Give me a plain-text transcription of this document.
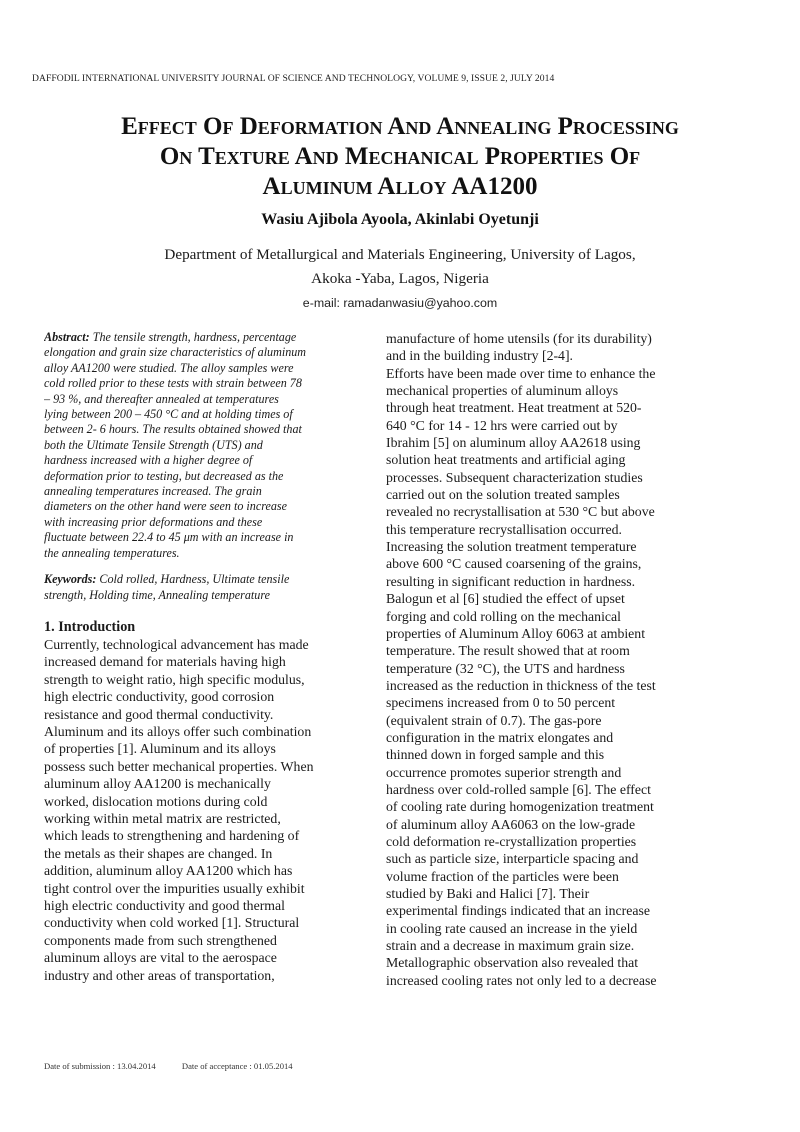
DAFFODIL INTERNATIONAL UNIVERSITY JOURNAL OF SCIENCE AND TECHNOLOGY, VOLUME 9, ISSUE 2, JULY 2014
Effect Of Deformation And Annealing Processing
On Texture And Mechanical Properties Of
Aluminum Alloy AA1200
Wasiu Ajibola Ayoola, Akinlabi Oyetunji
Department of Metallurgical and Materials Engineering, University of Lagos,
Akoka -Yaba, Lagos, Nigeria
e-mail: ramadanwasiu@yahoo.com
Abstract: The tensile strength, hardness, percentage
elongation and grain size characteristics of aluminum
alloy AA1200 were studied. The alloy samples were
cold rolled prior to these tests with strain between 78
– 93 %, and thereafter annealed at temperatures
lying between 200 – 450 °C and at holding times of
between 2- 6 hours. The results obtained showed that
both the Ultimate Tensile Strength (UTS) and
hardness increased with a higher degree of
deformation prior to testing, but decreased as the
annealing temperatures increased. The grain
diameters on the other hand were seen to increase
with increasing prior deformations and these
fluctuate between 22.4 to 45 μm with an increase in
the annealing temperatures.
Keywords: Cold rolled, Hardness, Ultimate tensile
strength, Holding time, Annealing temperature
1. Introduction
Currently, technological advancement has made
increased demand for materials having high
strength to weight ratio, high specific modulus,
high electric conductivity, good corrosion
resistance and good thermal conductivity.
Aluminum and its alloys offer such combination
of properties [1]. Aluminum and its alloys
possess such better mechanical properties. When
aluminum alloy AA1200 is mechanically
worked, dislocation motions during cold
working within metal matrix are restricted,
which leads to strengthening and hardening of
the metals as their shapes are changed. In
addition, aluminum alloy AA1200 which has
tight control over the impurities usually exhibit
high electric conductivity and good thermal
conductivity when cold worked [1]. Structural
components made from such strengthened
aluminum alloys are vital to the aerospace
industry and other areas of transportation,
manufacture of home utensils (for its durability)
and in the building industry [2-4].
Efforts have been made over time to enhance the
mechanical properties of aluminum alloys
through heat treatment. Heat treatment at 520-
640 °C for 14 - 12 hrs were carried out by
Ibrahim [5] on aluminum alloy AA2618 using
solution heat treatments and artificial aging
processes. Subsequent characterization studies
carried out on the solution treated samples
revealed no recrystallisation at 530 °C but above
this temperature recrystallisation occurred.
Increasing the solution treatment temperature
above 600 °C caused coarsening of the grains,
resulting in significant reduction in hardness.
Balogun et al [6] studied the effect of upset
forging and cold rolling on the mechanical
properties of Aluminum Alloy 6063 at ambient
temperature. The result showed that at room
temperature (32 °C), the UTS and hardness
increased as the reduction in thickness of the test
specimens increased from 0 to 50 percent
(equivalent strain of 0.7). The gas-pore
configuration in the matrix elongates and
thinned down in forged sample and this
occurrence promotes superior strength and
hardness over cold-rolled sample [6]. The effect
of cooling rate during homogenization treatment
of aluminum alloy AA6063 on the low-grade
cold deformation re-crystallization properties
such as particle size, interparticle spacing and
volume fraction of the particles were been
studied by Baki and Halici [7]. Their
experimental findings indicated that an increase
in cooling rate caused an increase in the yield
strain and a decrease in maximum grain size.
Metallographic observation also revealed that
increased cooling rates not only led to a decrease
Date of submission : 13.04.2014	Date of acceptance : 01.05.2014
